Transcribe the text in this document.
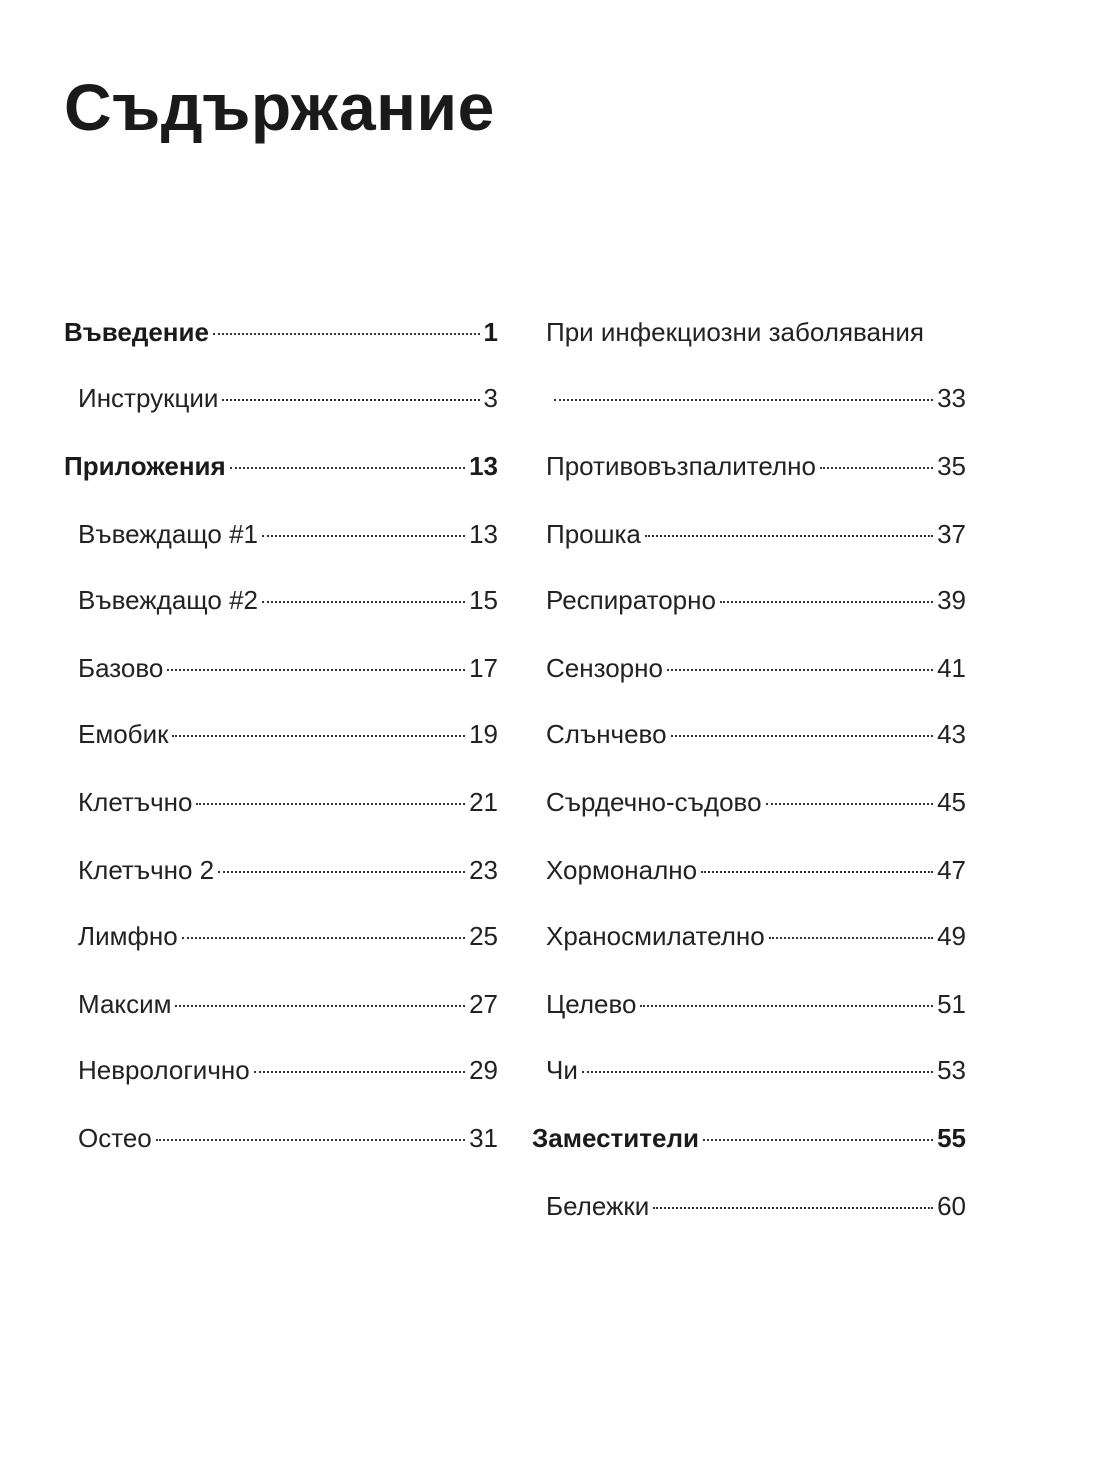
Съдържание
Въведение	1
Инструкции	3
Приложения	13
Въвеждащо #1	13
Въвеждащо #2	15
Базово	17
Емобик	19
Клетъчно	21
Клетъчно 2	23
Лимфно	25
Максим	27
Неврологично	29
Остео	31
При инфекциозни заболявания
33
Противовъзпалително	35
Прошка	37
Респираторно	39
Сензорно	41
Слънчево	43
Сърдечно-съдово	45
Хормонално	47
Храносмилателно	49
Целево	51
Чи	53
Заместители	55
Бележки	60
